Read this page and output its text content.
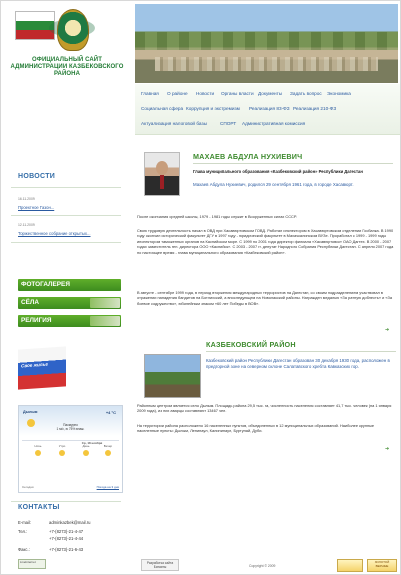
ОФИЦИАЛЬНЫЙ САЙТ
АДМИНИСТРАЦИИ КАЗБЕКОВСКОГО
РАЙОНА
НОВОСТИ
16.11.2009
Проектное Газон...
12.11.2009
Торжественное собрание открытых...
ФОТОГАЛЕРЕЯ
СЁЛА
РЕЛИГИЯ
Свое жилье
Дылым	+4 °C
Пасмурно
1 м/с, ю 75% влаж.
Ночь	Утро	День	Вечер
Ср, 18 ноября
Сегодня	Погода на 3 дня
КОНТАКТЫ
E-mail:	adminkazbek@mail.ru
Тел.:	+7-(8273)-21-4-47
+7-(8273)-21-4-44
Факс.:	+7-(8273)-21-6-43
LiveInternet
Главная О районе Новости Органы власти Документы Задать вопрос Экономика
Социальная сфера Коррупция и экстремизм Реализация 83-ФЗ Реализация 210-ФЗ
Актуализация налоговой базы	СПОРТ Административная комиссия
МАХАЕВ АБДУЛА НУХИЕВИЧ
Глава муниципального образования «Казбековский район» Республики Дагестан
Махаев Абдула Нухиевич, родился 29 сентября 1961 года, в городе Хасавюрт.
После окончания средней школы, 1979 - 1981 годы служит в Вооруженных силах СССР.
Свою трудовую деятельность начал в ОВД при Хасавюртовском ГОВД. Работал инспектором в Хасавюртовском отделении Госбанка. В 1990 году окончил исторический факультет ДГУ в 1997 году - юридический факультет в Махачкалинском ВУЗе. Проработал с 1999 - 1999 годы инспектором таможенных органов на Каспийском море. С 1999 по 2001 года директор филиала «Хасавюртовск» ОАО Дагтех. В 2000 - 2007 годах заместитель ген. директора ООО «Каспийск». С 2003 - 2007 гг. депутат Народного Собрания Республики Дагестан. С апреля 2007 года по настоящее время - глава муниципального образования «Казбековский район».
В августе - сентябре 1999 года, в период вторжения международных террористов на Дагестан, со своим подразделением участвовал в отражении нападения бандитов на Ботлихский, а впоследующем на Новолакский районы. Награжден медалью «За ратную доблесть» и «За боевое содружество», юбилейным знаком «60 лет Победы в ВОВ».
➜
КАЗБЕКОВСКИЙ РАЙОН
Казбековский район Республики Дагестан образован 30 декабря 1930 года, расположен в предгорной зоне на северном склоне Салатавского хребта Кавказских гор.
Районным центром является село Дылым. Площадь района 29,5 тыс. га, численность населения составляет 41,7 тыс. человек (на 1 января 2009 года), из них аварцы составляют 13467 чел.
На территории района расположено 16 населенных пунктов, объединенных в 12 муниципальных образований. Наиболее крупные населенные пункты: Дылым, Ленинаул, Калининаул, Буртунай, Дуби.
➜
Разработка сайта Батаяты	Copyright © 2009
ЗОЛОТОЙ ВЕРНЫЕ
